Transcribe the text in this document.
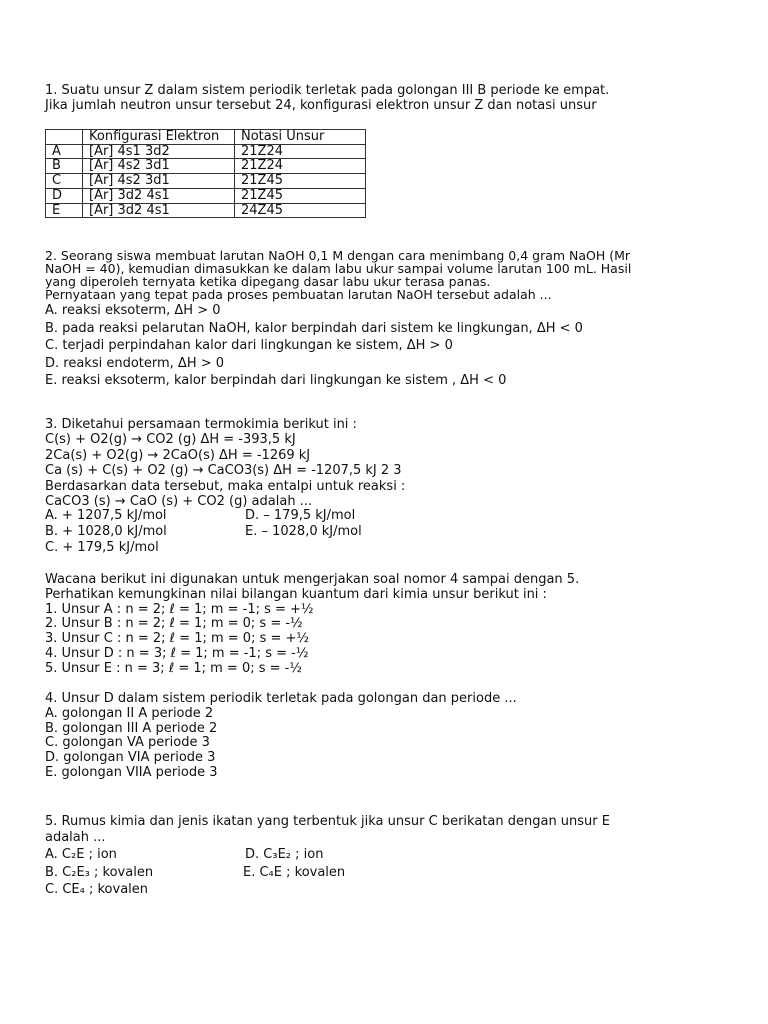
1. Suatu unsur Z dalam sistem periodik terletak pada golongan III B periode ke empat.
Jika jumlah neutron unsur tersebut 24, konfigurasi elektron unsur Z dan notasi unsur
	Konfigurasi Elektron	Notasi Unsur
A	[Ar] 4s1 3d2	21Z24
B	[Ar] 4s2 3d1	21Z24
C	[Ar] 4s2 3d1	21Z45
D	[Ar] 3d2 4s1	21Z45
E	[Ar] 3d2 4s1	24Z45
2. Seorang siswa membuat larutan NaOH 0,1 M dengan cara menimbang 0,4 gram NaOH (Mr
NaOH = 40), kemudian dimasukkan ke dalam labu ukur sampai volume larutan 100 mL. Hasil
yang diperoleh ternyata ketika dipegang dasar labu ukur terasa panas.
Pernyataan yang tepat pada proses pembuatan larutan NaOH tersebut adalah ...
A. reaksi eksoterm, ΔH > 0
B. pada reaksi pelarutan NaOH, kalor berpindah dari sistem ke lingkungan, ΔH < 0
C. terjadi perpindahan kalor dari lingkungan ke sistem, ΔH > 0
D. reaksi endoterm, ΔH > 0
E. reaksi eksoterm, kalor berpindah dari lingkungan ke sistem , ΔH < 0
3. Diketahui persamaan termokimia berikut ini :
C(s) + O2(g) → CO2 (g) ΔH = -393,5 kJ
2Ca(s) + O2(g) → 2CaO(s) ΔH = -1269 kJ
Ca (s) + C(s) + O2 (g) → CaCO3(s) ΔH = -1207,5 kJ 2 3
Berdasarkan data tersebut, maka entalpi untuk reaksi :
CaCO3 (s) → CaO (s) + CO2 (g) adalah ...
A. + 1207,5 kJ/mol	D. – 179,5 kJ/mol
B. + 1028,0 kJ/mol	E. – 1028,0 kJ/mol
C. + 179,5 kJ/mol
Wacana berikut ini digunakan untuk mengerjakan soal nomor 4 sampai dengan 5.
Perhatikan kemungkinan nilai bilangan kuantum dari kimia unsur berikut ini :
1. Unsur A : n = 2; ℓ = 1; m = -1; s = +½
2. Unsur B : n = 2; ℓ = 1; m = 0; s = -½
3. Unsur C : n = 2; ℓ = 1; m = 0; s = +½
4. Unsur D : n = 3; ℓ = 1; m = -1; s = -½
5. Unsur E : n = 3; ℓ = 1; m = 0; s = -½
4. Unsur D dalam sistem periodik terletak pada golongan dan periode ...
A. golongan II A periode 2
B. golongan III A periode 2
C. golongan VA periode 3
D. golongan VIA periode 3
E. golongan VIIA periode 3
5. Rumus kimia dan jenis ikatan yang terbentuk jika unsur C berikatan dengan unsur E
adalah ...
A. C₂E ; ion	D. C₃E₂ ; ion
B. C₂E₃ ; kovalen	E. C₄E ; kovalen
C. CE₄ ; kovalen
